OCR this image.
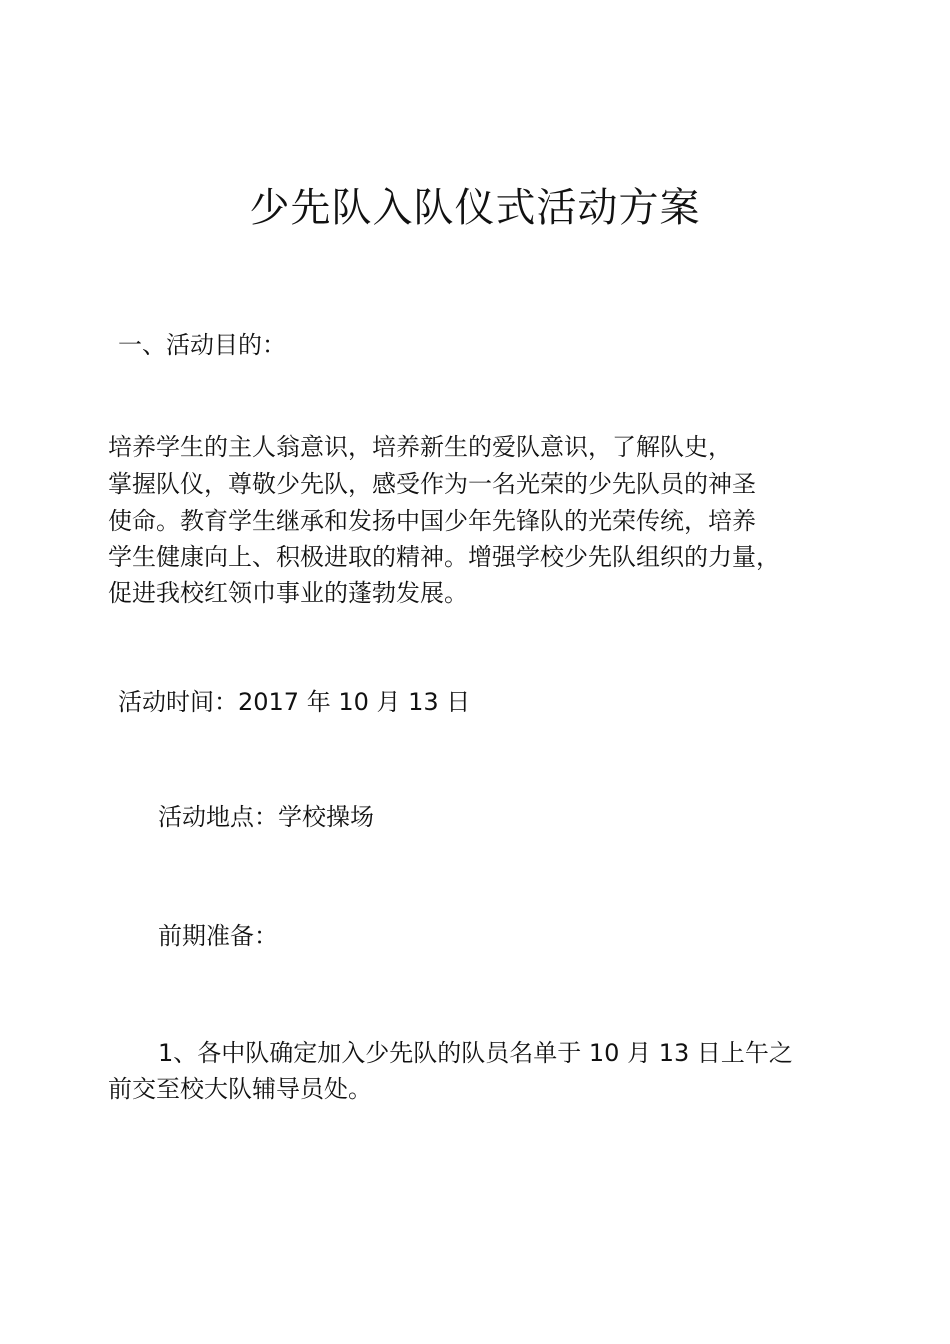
少先队入队仪式活动方案

一、活动目的：

培养学生的主人翁意识，培养新生的爱队意识，了解队史，

掌握队仪，尊敬少先队，感受作为一名光荣的少先队员的神圣

使命。教育学生继承和发扬中国少年先锋队的光荣传统，培养

学生健康向上、积极进取的精神。增强学校少先队组织的力量，

促进我校红领巾事业的蓬勃发展。

活动时间：2017 年 10 月 13 日

活动地点：学校操场

前期准备：

1、各中队确定加入少先队的队员名单于 10 月 13 日上午之

前交至校大队辅导员处。
